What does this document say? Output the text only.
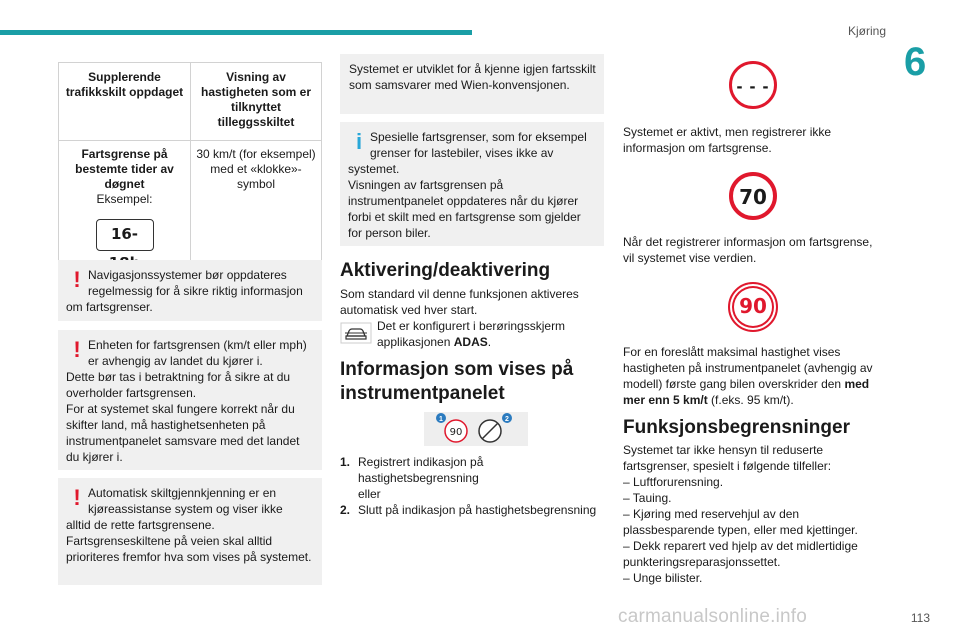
Kjøring
6
Supplerende trafikkskilt oppdaget	Visning av hastigheten som er tilknyttet tilleggsskiltet

Fartsgrense på bestemte tider av døgnet
Eksempel:
16-	30 km/t (for eksempel) med et «klokke»-symbol
! Navigasjonssystemer bør oppdateres regelmessig for å sikre riktig informasjon

om fartsgrenser.

! Enheten for fartsgrensen (km/t eller mph) er avhengig av landet du kjører i.

Dette bør tas i betraktning for å sikre at du overholder fartsgrensen.

For at systemet skal fungere korrekt når du skifter land, må hastighetsenheten på instrumentpanelet samsvare med det landet du kjører i.

! Automatisk skiltgjennkjenning er en kjøreassistanse system og viser ikke

alltid de rette fartsgrensene.

Fartsgrenseskiltene på veien skal alltid prioriteres fremfor hva som vises på systemet.

Systemet er utviklet for å kjenne igjen fartsskilt som samsvarer med Wien-konvensjonen.

i Spesielle fartsgrenser, som for eksempel grenser for lastebiler, vises ikke av

systemet.

Visningen av fartsgrensen på instrumentpanelet oppdateres når du kjører forbi et skilt med en fartsgrense som gjelder for person biler.

Aktivering/deaktivering
Som standard vil denne funksjonen aktiveres automatisk ved hver start.
Det er konfigurert i berøringsskjerm applikasjonen ADAS.
Informasjon som vises på instrumentpanelet
90
1	2
1. Registrert indikasjon på hastighetsbegrensning
eller
2. Slutt på indikasjon på hastighetsbegrensning
- - -
Systemet er aktivt, men registrerer ikke informasjon om fartsgrense.
70
Når det registrerer informasjon om fartsgrense, vil systemet vise verdien.
90
For en foreslått maksimal hastighet vises hastigheten på instrumentpanelet (avhengig av modell) første gang bilen overskrider den med mer enn 5 km/t (f.eks. 95 km/t).
Funksjonsbegrensninger
Systemet tar ikke hensyn til reduserte fartsgrenser, spesielt i følgende tilfeller:
– Luftforurensning.
– Tauing.
– Kjøring med reservehjul av den plassbesparende typen, eller med kjettinger.
– Dekk reparert ved hjelp av det midlertidige punkteringsreparasjonssettet.
– Unge bilister.
carmanualsonline.info	113
